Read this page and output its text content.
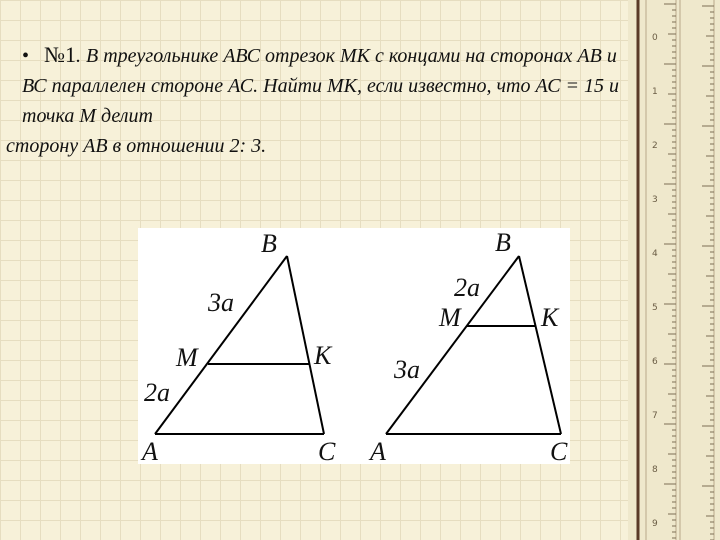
• №1. В треугольнике АВС отрезок МК с концами на сторонах АВ и ВС параллелен стороне АС. Найти МК, если известно, что АС = 15 и точка М делит
сторону АВ в отношении 2: 3.
B
M	K
A	C
3a
2a
B
M	K
A	C
2a
3a
0
1
2
3
4
5
6
7
8
9
